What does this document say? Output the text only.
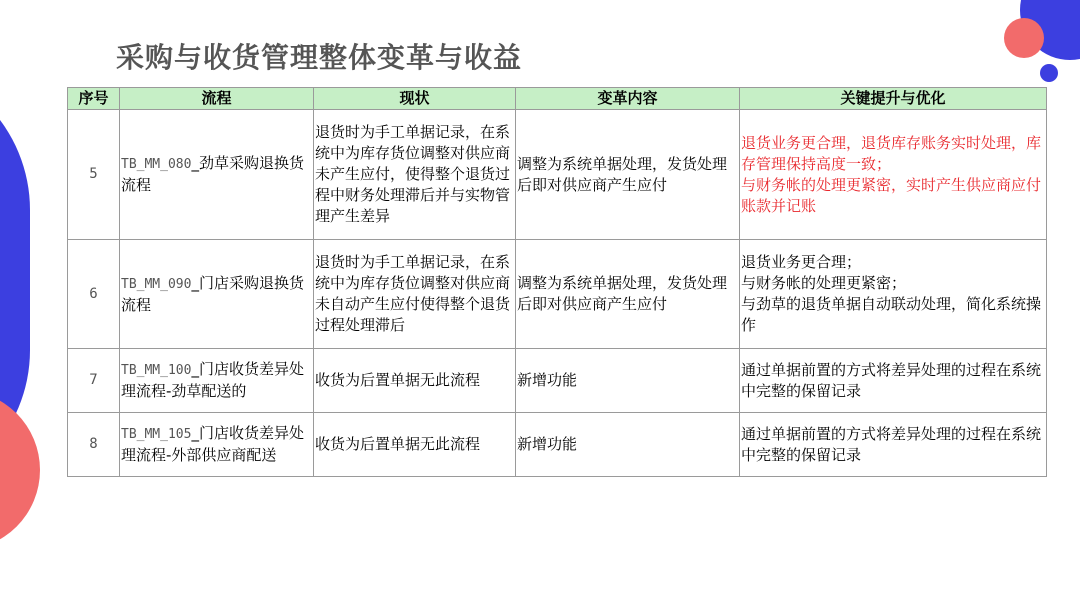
采购与收货管理整体变革与收益
序号	流程	现状	变革内容	关键提升与优化
5	TB_MM_080_劲草采购退换货流程	退货时为手工单据记录，在系统中为库存货位调整对供应商未产生应付，使得整个退货过程中财务处理滞后并与实物管理产生差异	调整为系统单据处理，发货处理后即对供应商产生应付	退货业务更合理，退货库存账务实时处理，库存管理保持高度一致；
与财务帐的处理更紧密，实时产生供应商应付账款并记账

6	TB_MM_090_门店采购退换货流程	退货时为手工单据记录，在系统中为库存货位调整对供应商未自动产生应付使得整个退货过程处理滞后	调整为系统单据处理，发货处理后即对供应商产生应付	退货业务更合理；
与财务帐的处理更紧密；
与劲草的退货单据自动联动处理，简化系统操作

7	TB_MM_100_门店收货差异处理流程-劲草配送的	收货为后置单据无此流程	新增功能	通过单据前置的方式将差异处理的过程在系统中完整的保留记录

8	TB_MM_105_门店收货差异处理流程-外部供应商配送	收货为后置单据无此流程	新增功能	通过单据前置的方式将差异处理的过程在系统中完整的保留记录
